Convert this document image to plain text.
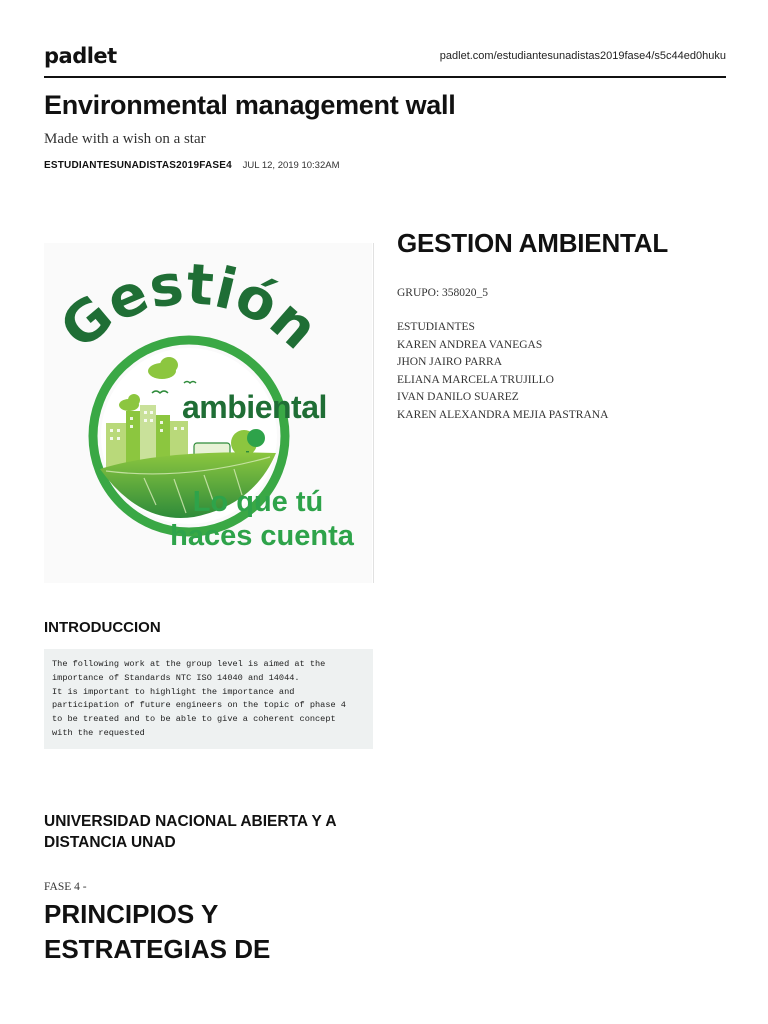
padlet	padlet.com/estudiantesunadistas2019fase4/s5c44ed0huku
Environmental management wall

Made with a wish on a star

ESTUDIANTESUNADISTAS2019FASE4 JUL 12, 2019 10:32AM
Gestión
ambiental
Lo que tú
haces cuenta
GESTION AMBIENTAL
GRUPO: 358020_5
ESTUDIANTES
KAREN ANDREA VANEGAS
JHON JAIRO PARRA
ELIANA MARCELA TRUJILLO
IVAN DANILO SUAREZ
KAREN ALEXANDRA MEJIA PASTRANA
INTRODUCCION
The following work at the group level is aimed at the
importance of Standards NTC ISO 14040 and 14044.
It is important to highlight the importance and
participation of future engineers on the topic of phase 4
to be treated and to be able to give a coherent concept
with the requested
UNIVERSIDAD NACIONAL ABIERTA Y A DISTANCIA UNAD
FASE 4 -
PRINCIPIOS Y ESTRATEGIAS DE
